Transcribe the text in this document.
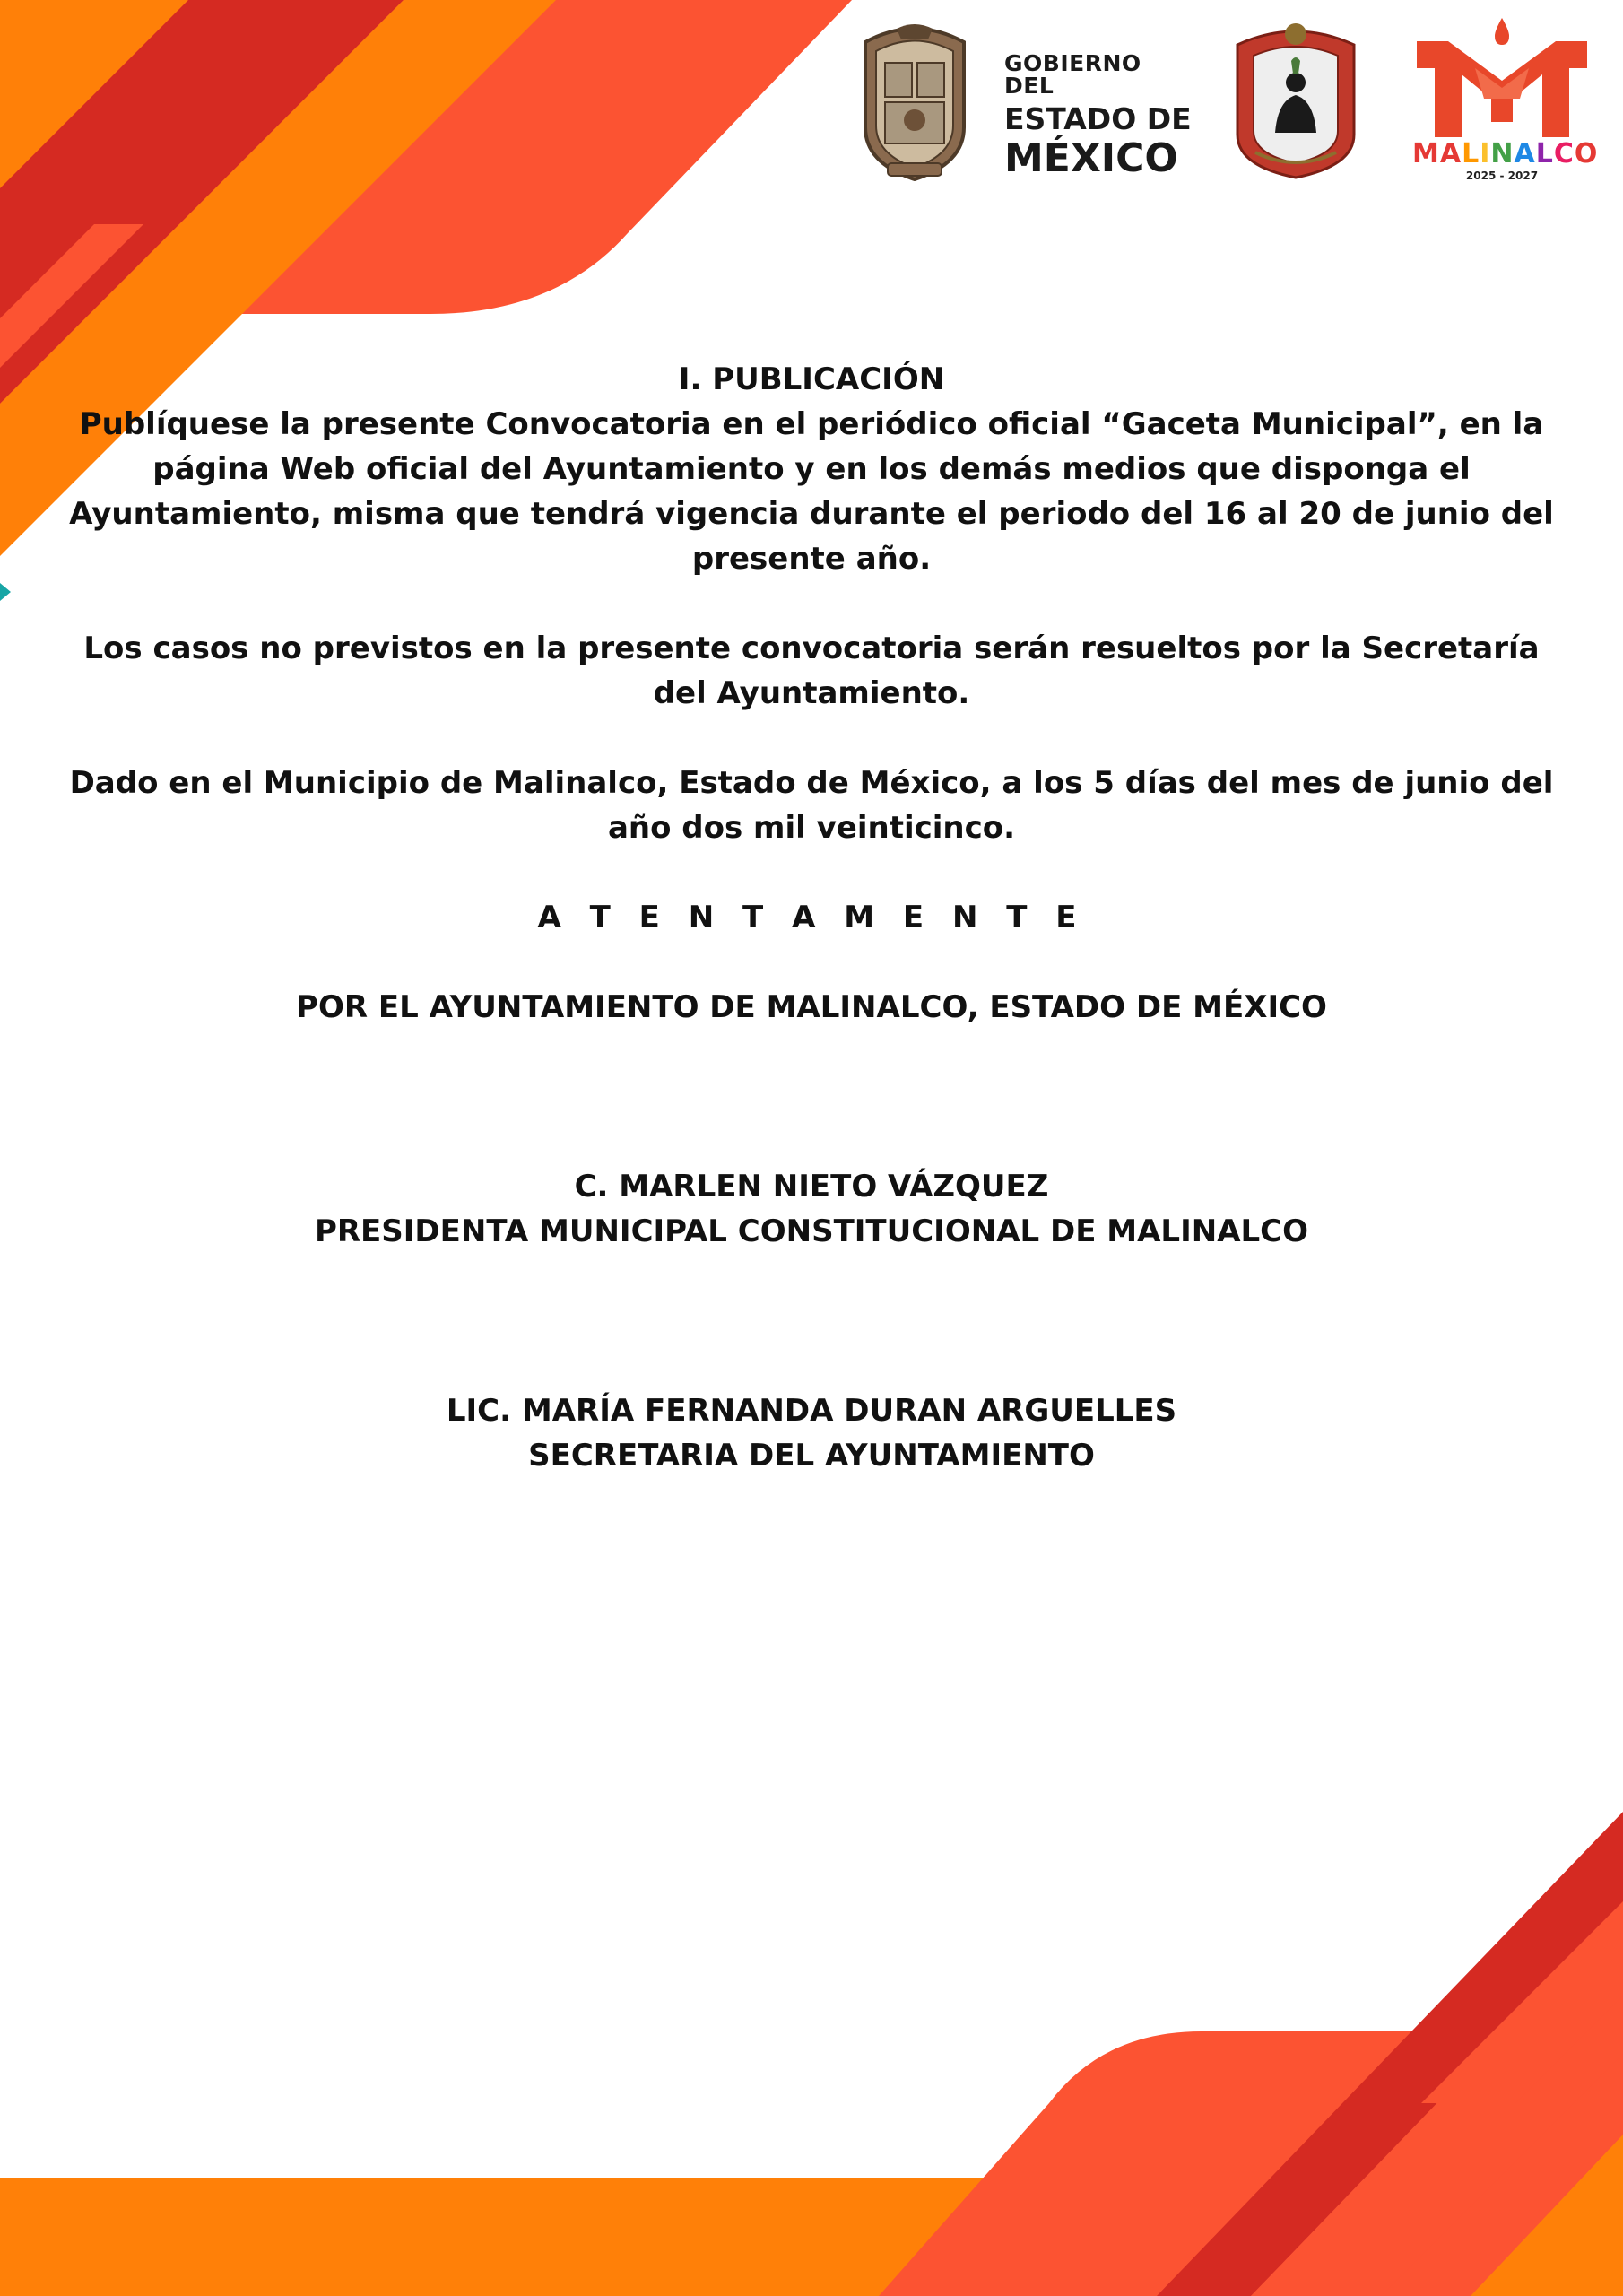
GOBIERNO DEL
ESTADO DE
MÉXICO	MALINALCO
2025 - 2027

I. PUBLICACIÓN

Publíquese la presente Convocatoria en el periódico oficial “Gaceta Municipal”, en la página Web oficial del Ayuntamiento y en los demás medios que disponga el Ayuntamiento, misma que tendrá vigencia durante el periodo del 16 al 20 de junio del presente año.

Los casos no previstos en la presente convocatoria serán resueltos por la Secretaría del Ayuntamiento.

Dado en el Municipio de Malinalco, Estado de México, a los 5 días del mes de junio del año dos mil veinticinco.

A T E N T A M E N T E

POR EL AYUNTAMIENTO DE MALINALCO, ESTADO DE MÉXICO

C. MARLEN NIETO VÁZQUEZ

PRESIDENTA MUNICIPAL CONSTITUCIONAL DE MALINALCO

LIC. MARÍA FERNANDA DURAN ARGUELLES

SECRETARIA DEL AYUNTAMIENTO
